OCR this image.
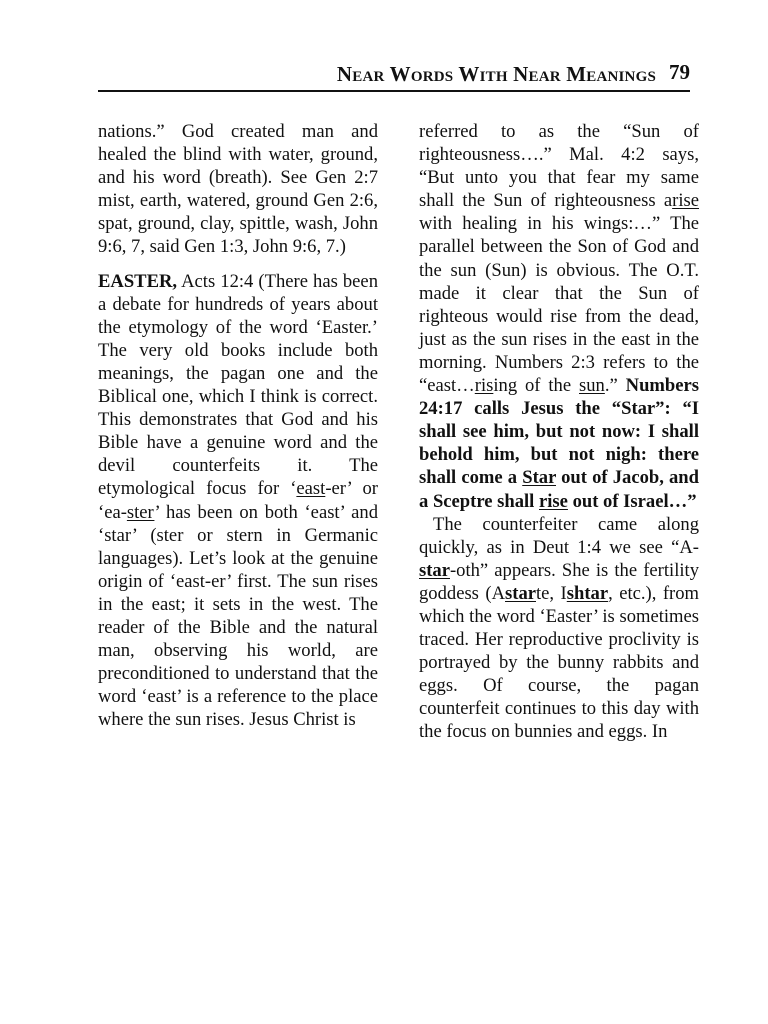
Near Words With Near Meanings 79

nations.” God created man and healed the blind with water, ground, and his word (breath). See Gen 2:7 mist, earth, watered, ground Gen 2:6, spat, ground, clay, spittle, wash, John 9:6, 7, said Gen 1:3, John 9:6, 7.)

EASTER, Acts 12:4 (There has been a debate for hundreds of years about the etymology of the word ‘Easter.’ The very old books include both meanings, the pagan one and the Biblical one, which I think is correct. This demonstrates that God and his Bible have a genuine word and the devil counterfeits it. The etymological focus for ‘east-er’ or ‘ea-ster’ has been on both ‘east’ and ‘star’ (ster or stern in Germanic languages). Let’s look at the genuine origin of ‘east-er’ first. The sun rises in the east; it sets in the west. The reader of the Bible and the natural man, observing his world, are preconditioned to understand that the word ‘east’ is a reference to the place where the sun rises. Jesus Christ is

referred to as the “Sun of righteousness….” Mal. 4:2 says, “But unto you that fear my same shall the Sun of righteousness arise with healing in his wings:…” The parallel between the Son of God and the sun (Sun) is obvious. The O.T. made it clear that the Sun of righteous would rise from the dead, just as the sun rises in the east in the morning. Numbers 2:3 refers to the “east…rising of the sun.” Numbers 24:17 calls Jesus the “Star”: “I shall see him, but not now: I shall behold him, but not nigh: there shall come a Star out of Jacob, and a Sceptre shall rise out of Israel…”

The counterfeiter came along quickly, as in Deut 1:4 we see “A-star-oth” appears. She is the fertility goddess (Astarte, Ishtar, etc.), from which the word ‘Easter’ is sometimes traced. Her reproductive proclivity is portrayed by the bunny rabbits and eggs. Of course, the pagan counterfeit continues to this day with the focus on bunnies and eggs. In
